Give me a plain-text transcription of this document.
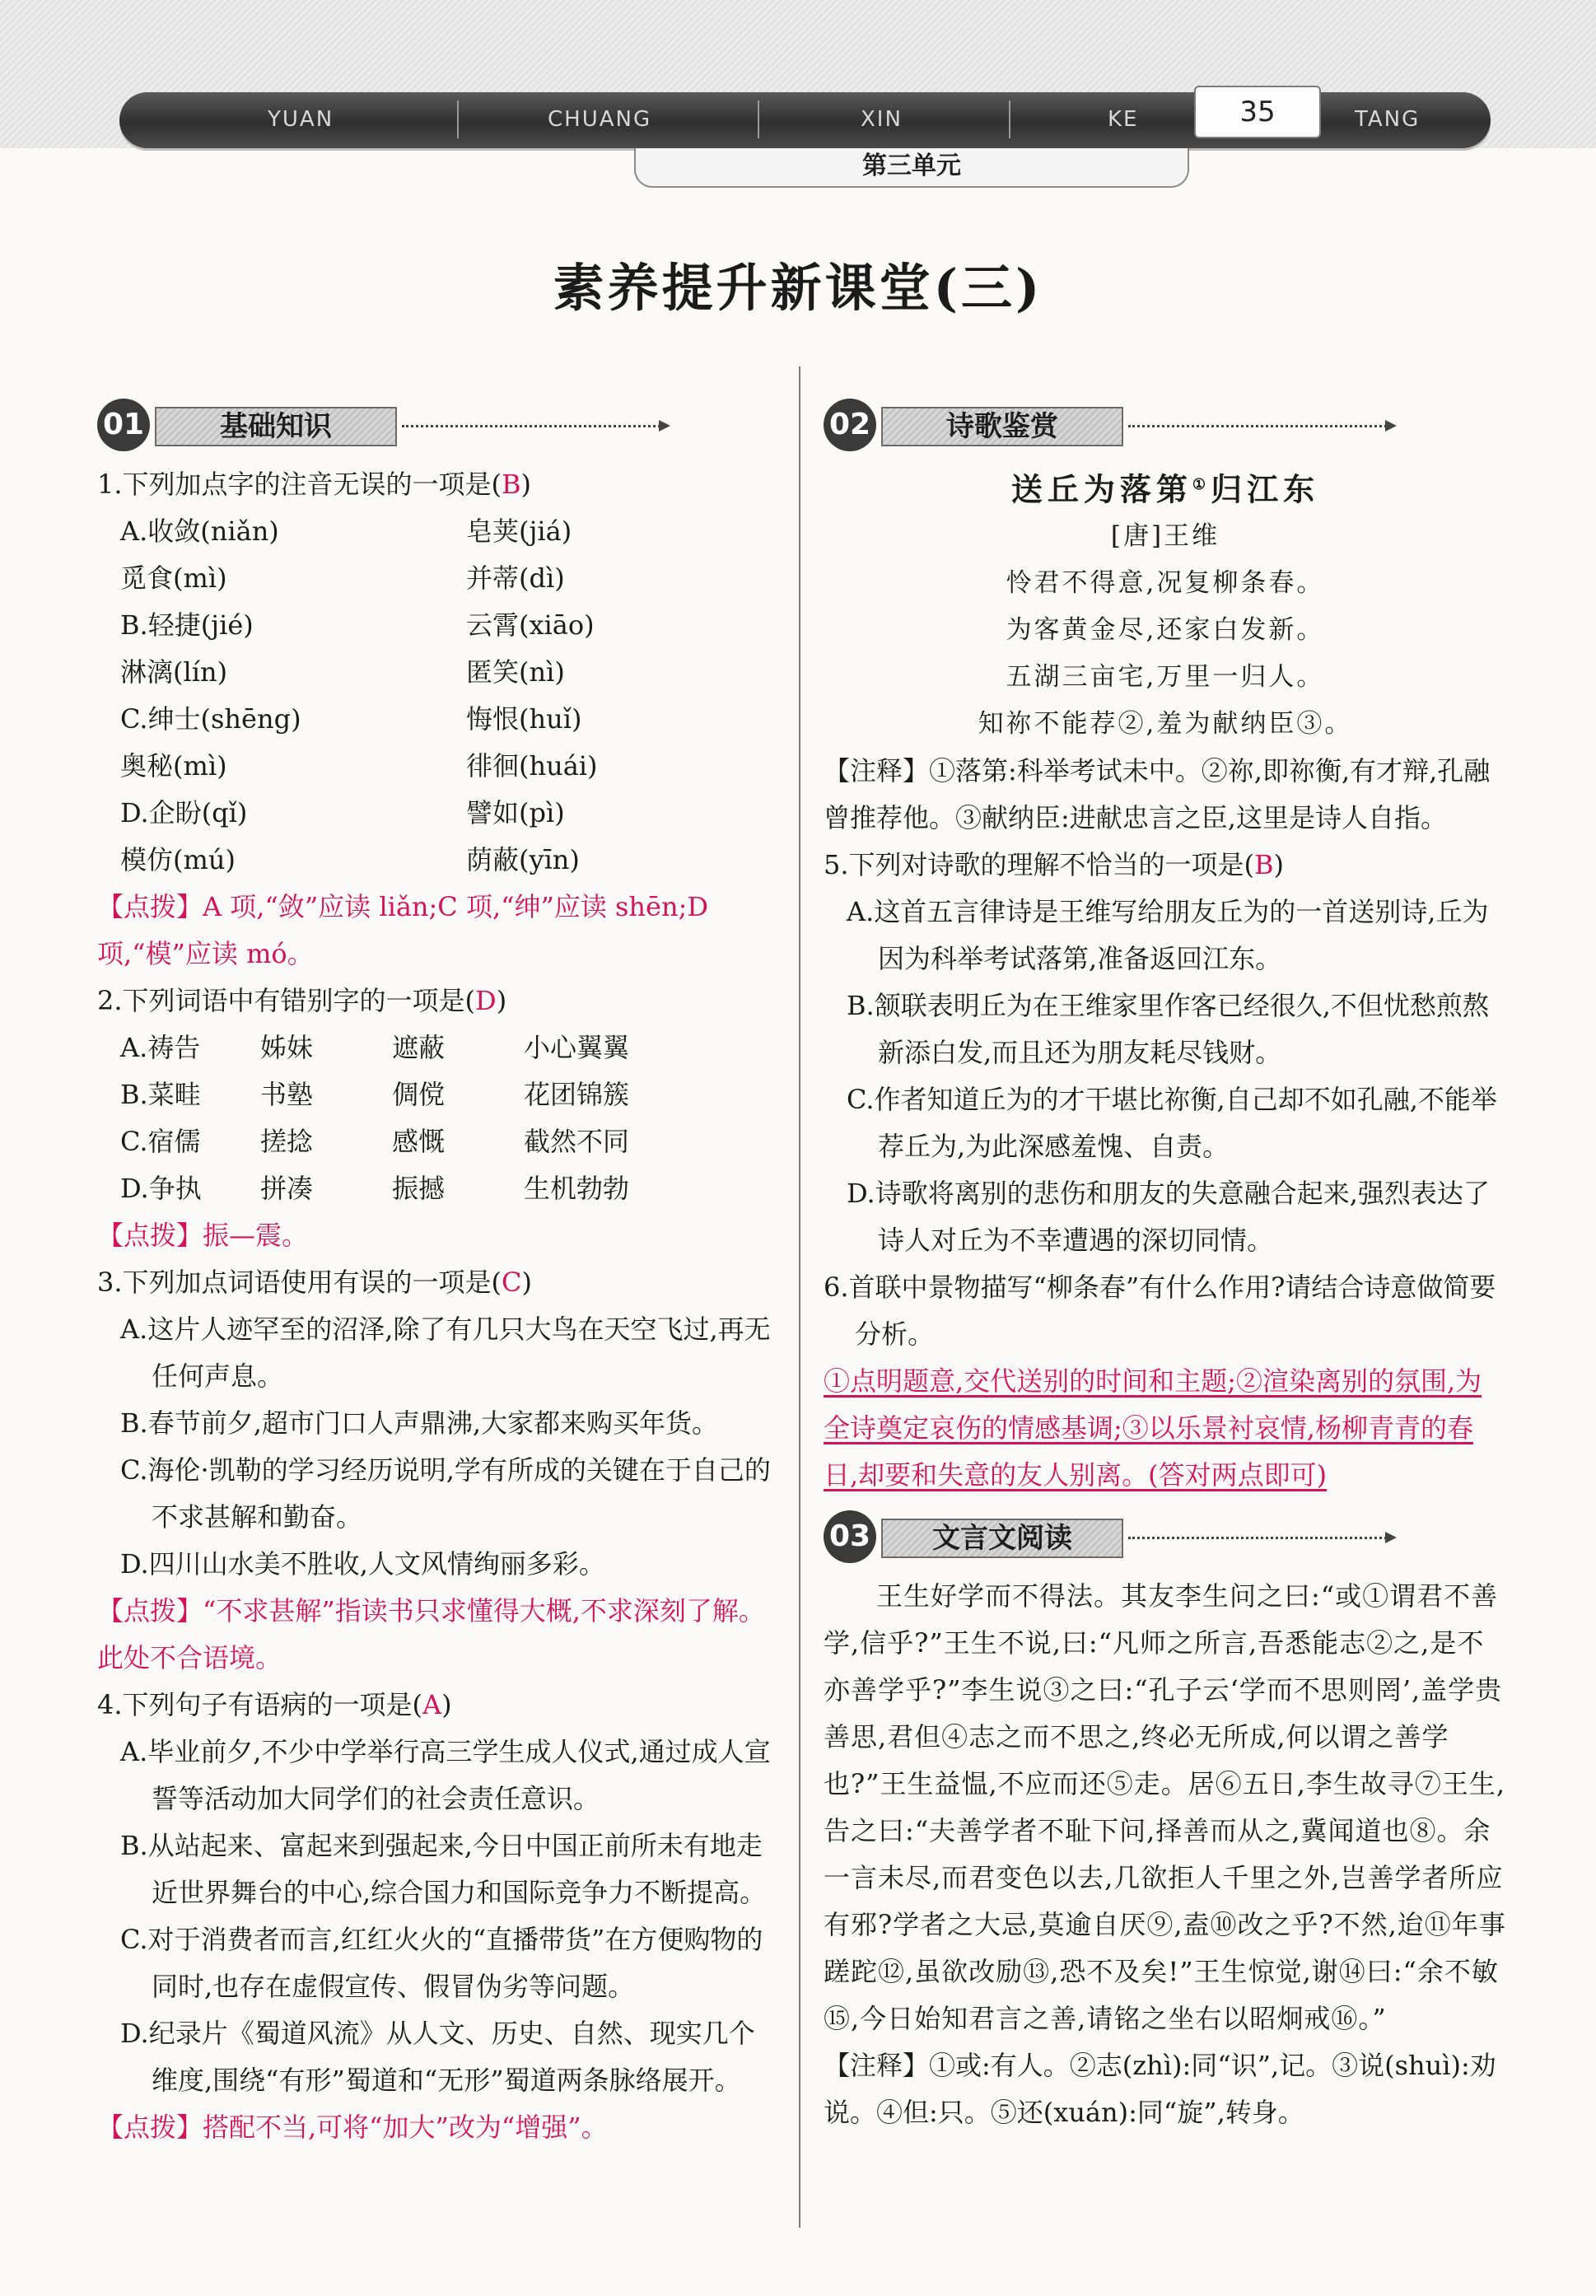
YUAN	CHUANG	XIN	KE	TANG
35
第三单元
素养提升新课堂(三)
01	基础知识
1.下列加点字的注音无误的一项是(B)
A.收敛(niǎn)	皂荚(jiá)
觅食(mì)	并蒂(dì)
B.轻捷(jié)	云霄(xiāo)
淋漓(lín)	匿笑(nì)
C.绅士(shēng)	悔恨(huǐ)
奥秘(mì)	徘徊(huái)
D.企盼(qǐ)	譬如(pì)
模仿(mú)	荫蔽(yīn)
【点拨】A 项,“敛”应读 liǎn;C 项,“绅”应读 shēn;D 项,“模”应读 mó。
2.下列词语中有错别字的一项是(D)
A.祷告	姊妹	遮蔽	小心翼翼
B.菜畦	书塾	倜傥	花团锦簇
C.宿儒	搓捻	感慨	截然不同
D.争执	拼凑	振撼	生机勃勃
【点拨】振—震。
3.下列加点词语使用有误的一项是(C)
A.这片人迹罕至的沼泽,除了有几只大鸟在天空飞过,再无任何声息。
B.春节前夕,超市门口人声鼎沸,大家都来购买年货。
C.海伦·凯勒的学习经历说明,学有所成的关键在于自己的不求甚解和勤奋。
D.四川山水美不胜收,人文风情绚丽多彩。
【点拨】“不求甚解”指读书只求懂得大概,不求深刻了解。此处不合语境。
4.下列句子有语病的一项是(A)
A.毕业前夕,不少中学举行高三学生成人仪式,通过成人宣誓等活动加大同学们的社会责任意识。
B.从站起来、富起来到强起来,今日中国正前所未有地走近世界舞台的中心,综合国力和国际竞争力不断提高。
C.对于消费者而言,红红火火的“直播带货”在方便购物的同时,也存在虚假宣传、假冒伪劣等问题。
D.纪录片《蜀道风流》从人文、历史、自然、现实几个维度,围绕“有形”蜀道和“无形”蜀道两条脉络展开。
【点拨】搭配不当,可将“加大”改为“增强”。
02	诗歌鉴赏
送丘为落第①归江东
[唐]王维
怜君不得意,况复柳条春。
为客黄金尽,还家白发新。
五湖三亩宅,万里一归人。
知祢不能荐②,羞为献纳臣③。
【注释】①落第:科举考试未中。②祢,即祢衡,有才辩,孔融曾推荐他。③献纳臣:进献忠言之臣,这里是诗人自指。
5.下列对诗歌的理解不恰当的一项是(B)
A.这首五言律诗是王维写给朋友丘为的一首送别诗,丘为因为科举考试落第,准备返回江东。
B.颔联表明丘为在王维家里作客已经很久,不但忧愁煎熬新添白发,而且还为朋友耗尽钱财。
C.作者知道丘为的才干堪比祢衡,自己却不如孔融,不能举荐丘为,为此深感羞愧、自责。
D.诗歌将离别的悲伤和朋友的失意融合起来,强烈表达了诗人对丘为不幸遭遇的深切同情。
6.首联中景物描写“柳条春”有什么作用?请结合诗意做简要分析。
①点明题意,交代送别的时间和主题;②渲染离别的氛围,为全诗奠定哀伤的情感基调;③以乐景衬哀情,杨柳青青的春日,却要和失意的友人别离。(答对两点即可)
03	文言文阅读
王生好学而不得法。其友李生问之曰:“或①谓君不善学,信乎?”王生不说,曰:“凡师之所言,吾悉能志②之,是不亦善学乎?”李生说③之曰:“孔子云‘学而不思则罔’,盖学贵善思,君但④志之而不思之,终必无所成,何以谓之善学也?”王生益愠,不应而还⑤走。居⑥五日,李生故寻⑦王生,告之曰:“夫善学者不耻下问,择善而从之,冀闻道也⑧。余一言未尽,而君变色以去,几欲拒人千里之外,岂善学者所应有邪?学者之大忌,莫逾自厌⑨,盍⑩改之乎?不然,迨⑪年事蹉跎⑫,虽欲改励⑬,恐不及矣!”王生惊觉,谢⑭曰:“余不敏⑮,今日始知君言之善,请铭之坐右以昭炯戒⑯。”
【注释】①或:有人。②志(zhì):同“识”,记。③说(shuì):劝说。④但:只。⑤还(xuán):同“旋”,转身。
